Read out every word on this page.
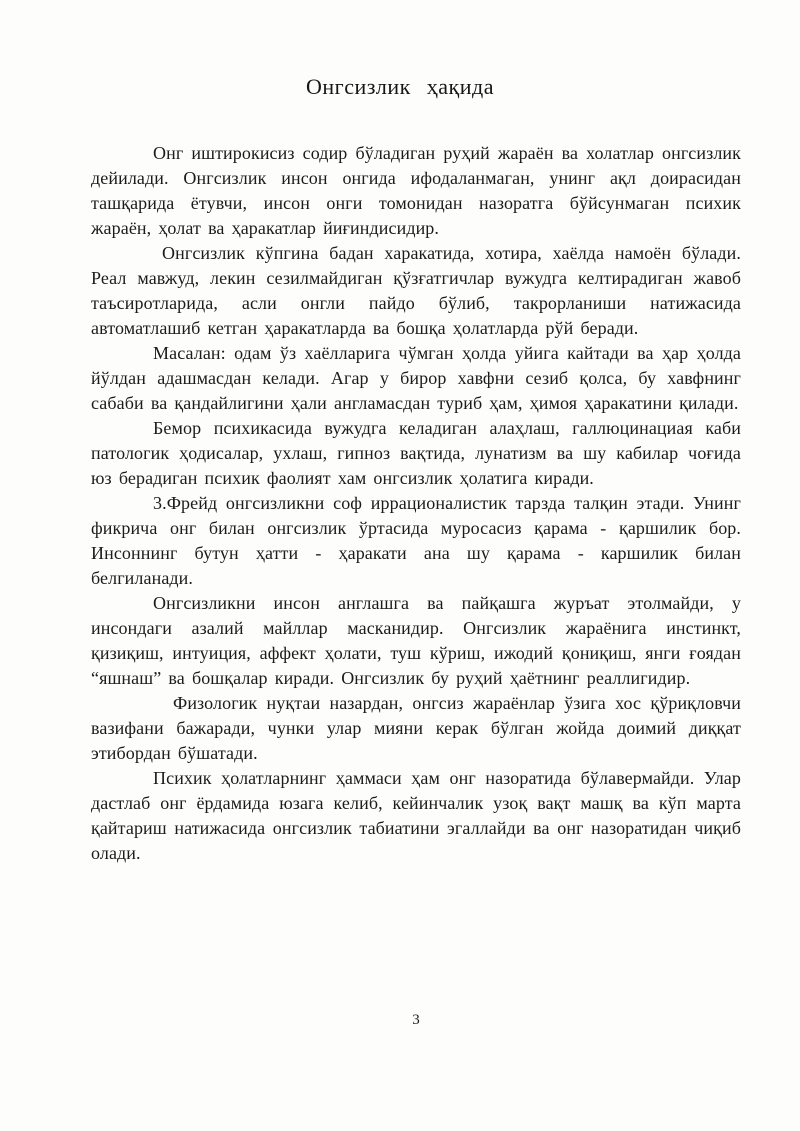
Онгсизлик ҳақида

Онг иштирокисиз содир бўладиган руҳий жараён ва холатлар онгсизлик дейилади. Онгсизлик инсон онгида ифодаланмаган, унинг ақл доирасидан ташқарида ётувчи, инсон онги томонидан назоратга бўйсунмаган психик жараён, ҳолат ва ҳаракатлар йиғиндисидир.

Онгсизлик кўпгина бадан харакатида, хотира, хаёлда намоён бўлади. Реал мавжуд, лекин сезилмайдиган қўзғатгичлар вужудга келтирадиган жавоб таъсиротларида, асли онгли пайдо бўлиб, такрорланиши натижасида автоматлашиб кетган ҳаракатларда ва бошқа ҳолатларда рўй беради.

Масалан: одам ўз хаёлларига чўмган ҳолда уйига кайтади ва ҳар ҳолда йўлдан адашмасдан келади. Агар у бирор хавфни сезиб қолса, бу хавфнинг сабаби ва қандайлигини ҳали англамасдан туриб ҳам, ҳимоя ҳаракатини қилади.

Бемор психикасида вужудга келадиган алаҳлаш, галлюцинациая каби патологик ҳодисалар, ухлаш, гипноз вақтида, лунатизм ва шу кабилар чоғида юз берадиган психик фаолият хам онгсизлик ҳолатига киради.

3.Фрейд онгсизликни соф иррационалистик тарзда талқин этади. Унинг фикрича онг билан онгсизлик ўртасида муросасиз қарама - қаршилик бор. Инсоннинг бутун ҳатти - ҳаракати ана шу қарама - каршилик билан белгиланади.

Онгсизликни инсон англашга ва пайқашга журъат этолмайди, у инсондаги азалий майллар масканидир. Онгсизлик жараёнига инстинкт, қизиқиш, интуиция, аффект ҳолати, туш кўриш, ижодий қониқиш, янги ғоядан “яшнаш” ва бошқалар киради. Онгсизлик бу руҳий ҳаётнинг реаллигидир.

Физологик нуқтаи назардан, онгсиз жараёнлар ўзига хос қўриқловчи вазифани бажаради, чунки улар мияни керак бўлган жойда доимий диққат этибордан бўшатади.

Психик ҳолатларнинг ҳаммаси ҳам онг назоратида бўлавермайди. Улар дастлаб онг ёрдамида юзага келиб, кейинчалик узоқ вақт машқ ва кўп марта қайтариш натижасида онгсизлик табиатини эгаллайди ва онг назоратидан чиқиб олади.

3
